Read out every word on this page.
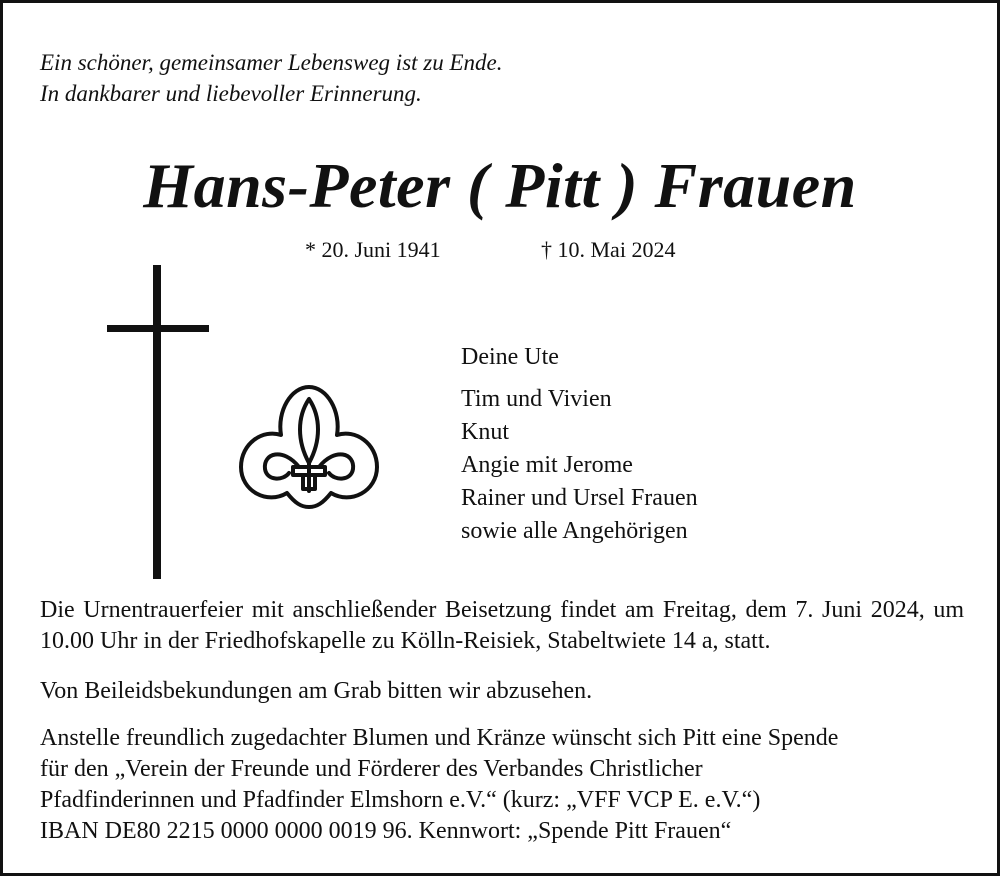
Ein schöner, gemeinsamer Lebensweg ist zu Ende.
In dankbarer und liebevoller Erinnerung.
Hans-Peter ( Pitt ) Frauen
* 20. Juni 1941	† 10. Mai 2024
Deine Ute
Tim und Vivien
Knut
Angie mit Jerome
Rainer und Ursel Frauen
sowie alle Angehörigen
Die Urnentrauerfeier mit anschließender Beisetzung findet am Freitag, dem 7. Juni 2024, um 10.00 Uhr in der Friedhofskapelle zu Kölln-Reisiek, Stabeltwiete 14 a, statt.
Von Beileidsbekundungen am Grab bitten wir abzusehen.
Anstelle freundlich zugedachter Blumen und Kränze wünscht sich Pitt eine Spende
für den „Verein der Freunde und Förderer des Verbandes Christlicher
Pfadfinderinnen und Pfadfinder Elmshorn e.V.“ (kurz: „VFF VCP E. e.V.“)
IBAN DE80 2215 0000 0000 0019 96. Kennwort: „Spende Pitt Frauen“
